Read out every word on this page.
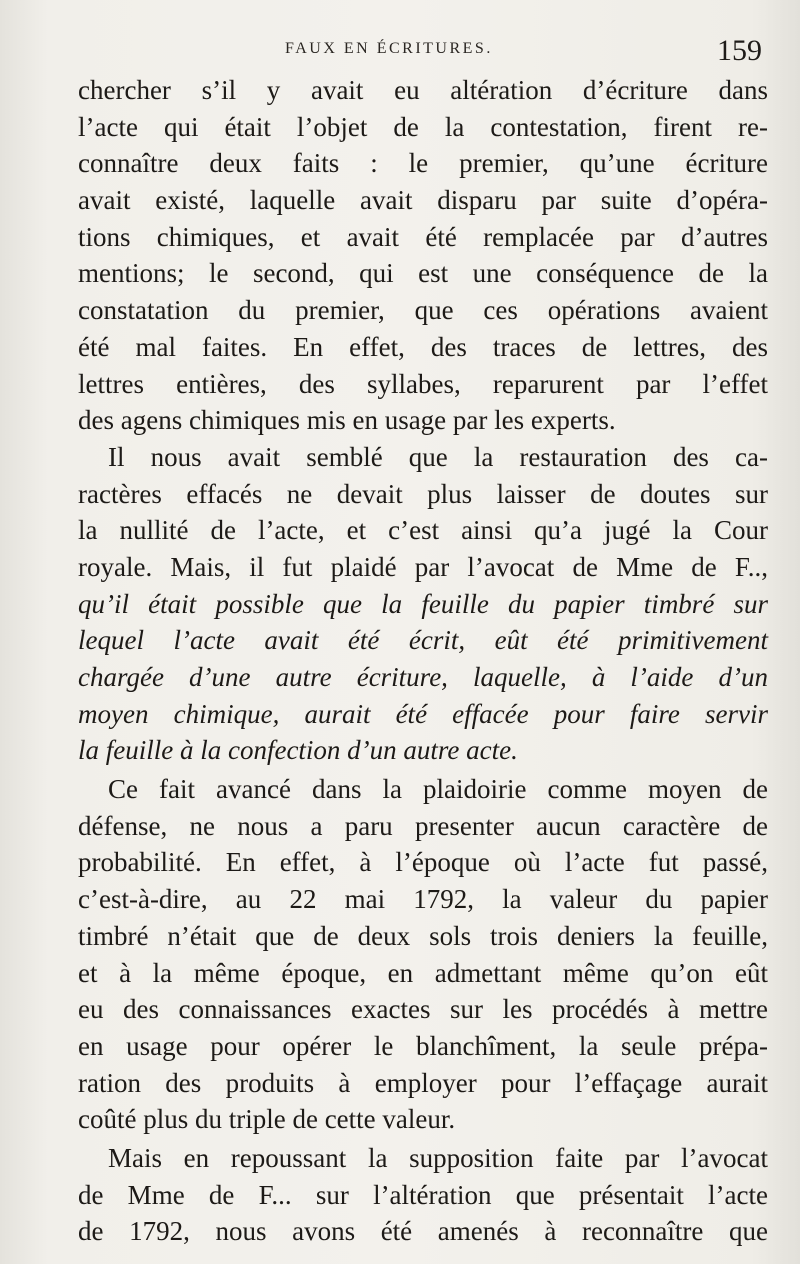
FAUX EN ÉCRITURES.	159
chercher s’il y avait eu altération d’écriture dans
l’acte qui était l’objet de la contestation, firent re-
connaître deux faits : le premier, qu’une écriture
avait existé, laquelle avait disparu par suite d’opéra-
tions chimiques, et avait été remplacée par d’autres
mentions; le second, qui est une conséquence de la
constatation du premier, que ces opérations avaient
été mal faites. En effet, des traces de lettres, des
lettres entières, des syllabes, reparurent par l’effet
des agens chimiques mis en usage par les experts.
Il nous avait semblé que la restauration des ca-
ractères effacés ne devait plus laisser de doutes sur
la nullité de l’acte, et c’est ainsi qu’a jugé la Cour
royale. Mais, il fut plaidé par l’avocat de Mme de F..,
qu’il était possible que la feuille du papier timbré sur
lequel l’acte avait été écrit, eût été primitivement
chargée d’une autre écriture, laquelle, à l’aide d’un
moyen chimique, aurait été effacée pour faire servir
la feuille à la confection d’un autre acte.
Ce fait avancé dans la plaidoirie comme moyen de
défense, ne nous a paru presenter aucun caractère de
probabilité. En effet, à l’époque où l’acte fut passé,
c’est-à-dire, au 22 mai 1792, la valeur du papier
timbré n’était que de deux sols trois deniers la feuille,
et à la même époque, en admettant même qu’on eût
eu des connaissances exactes sur les procédés à mettre
en usage pour opérer le blanchîment, la seule prépa-
ration des produits à employer pour l’effaçage aurait
coûté plus du triple de cette valeur.
Mais en repoussant la supposition faite par l’avocat
de Mme de F... sur l’altération que présentait l’acte
de 1792, nous avons été amenés à reconnaître que
